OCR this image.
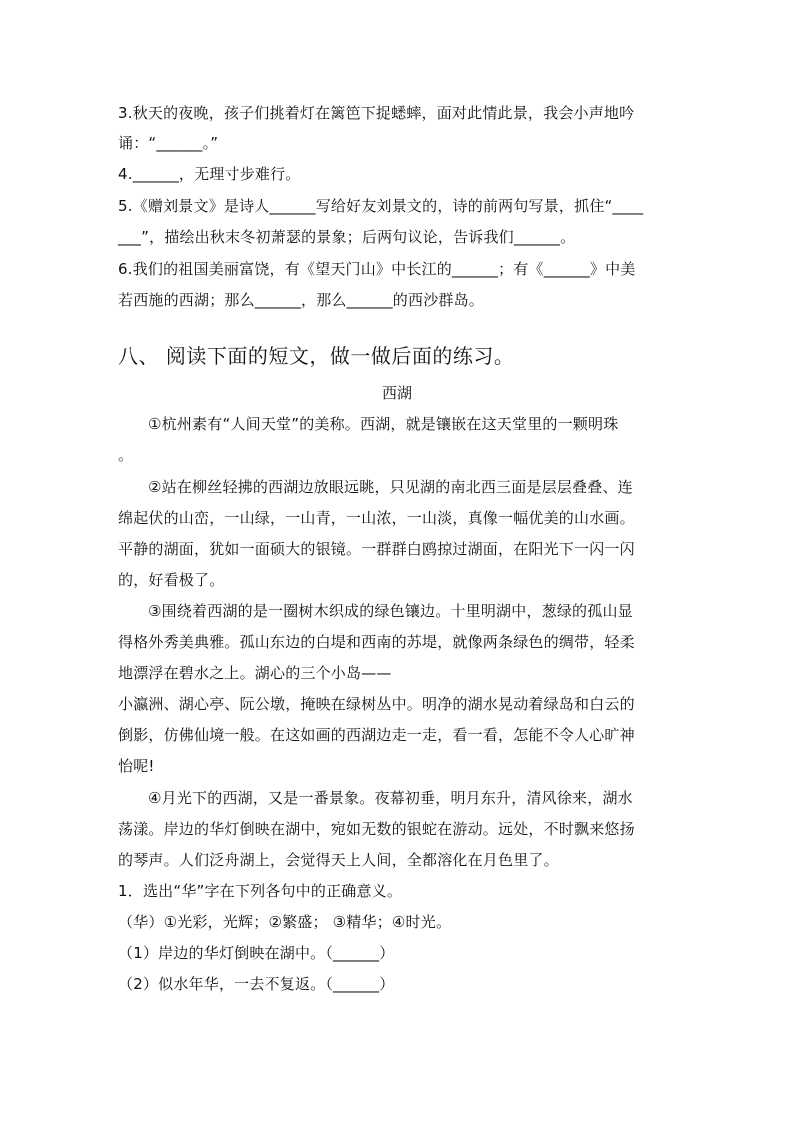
3.秋天的夜晚，孩子们挑着灯在篱笆下捉蟋蟀，面对此情此景，我会小声地吟
诵：“______。”
4.______，无理寸步难行。
5.《赠刘景文》是诗人______写给好友刘景文的，诗的前两句写景，抓住“____
___”，描绘出秋末冬初萧瑟的景象；后两句议论，告诉我们______。
6.我们的祖国美丽富饶，有《望天门山》中长江的______；有《______》中美
若西施的西湖；那么______，那么______的西沙群岛。
八、 阅读下面的短文，做一做后面的练习。
西湖
①杭州素有“人间天堂”的美称。西湖，就是镶嵌在这天堂里的一颗明珠
。
②站在柳丝轻拂的西湖边放眼远眺，只见湖的南北西三面是层层叠叠、连
绵起伏的山峦，一山绿，一山青，一山浓，一山淡，真像一幅优美的山水画。
平静的湖面，犹如一面硕大的银镜。一群群白鸥掠过湖面，在阳光下一闪一闪
的，好看极了。
③围绕着西湖的是一圈树木织成的绿色镶边。十里明湖中，葱绿的孤山显
得格外秀美典雅。孤山东边的白堤和西南的苏堤，就像两条绿色的绸带，轻柔
地漂浮在碧水之上。湖心的三个小岛——
小瀛洲、湖心亭、阮公墩，掩映在绿树丛中。明净的湖水晃动着绿岛和白云的
倒影，仿佛仙境一般。在这如画的西湖边走一走，看一看，怎能不令人心旷神
怡呢!
④月光下的西湖，又是一番景象。夜幕初垂，明月东升，清风徐来，湖水
荡漾。岸边的华灯倒映在湖中，宛如无数的银蛇在游动。远处，不时飘来悠扬
的琴声。人们泛舟湖上，会觉得天上人间，全都溶化在月色里了。
1．选出“华”字在下列各句中的正确意义。
（华）①光彩，光辉；②繁盛； ③精华；④时光。
（1）岸边的华灯倒映在湖中。（______）
（2）似水年华，一去不复返。（______）
